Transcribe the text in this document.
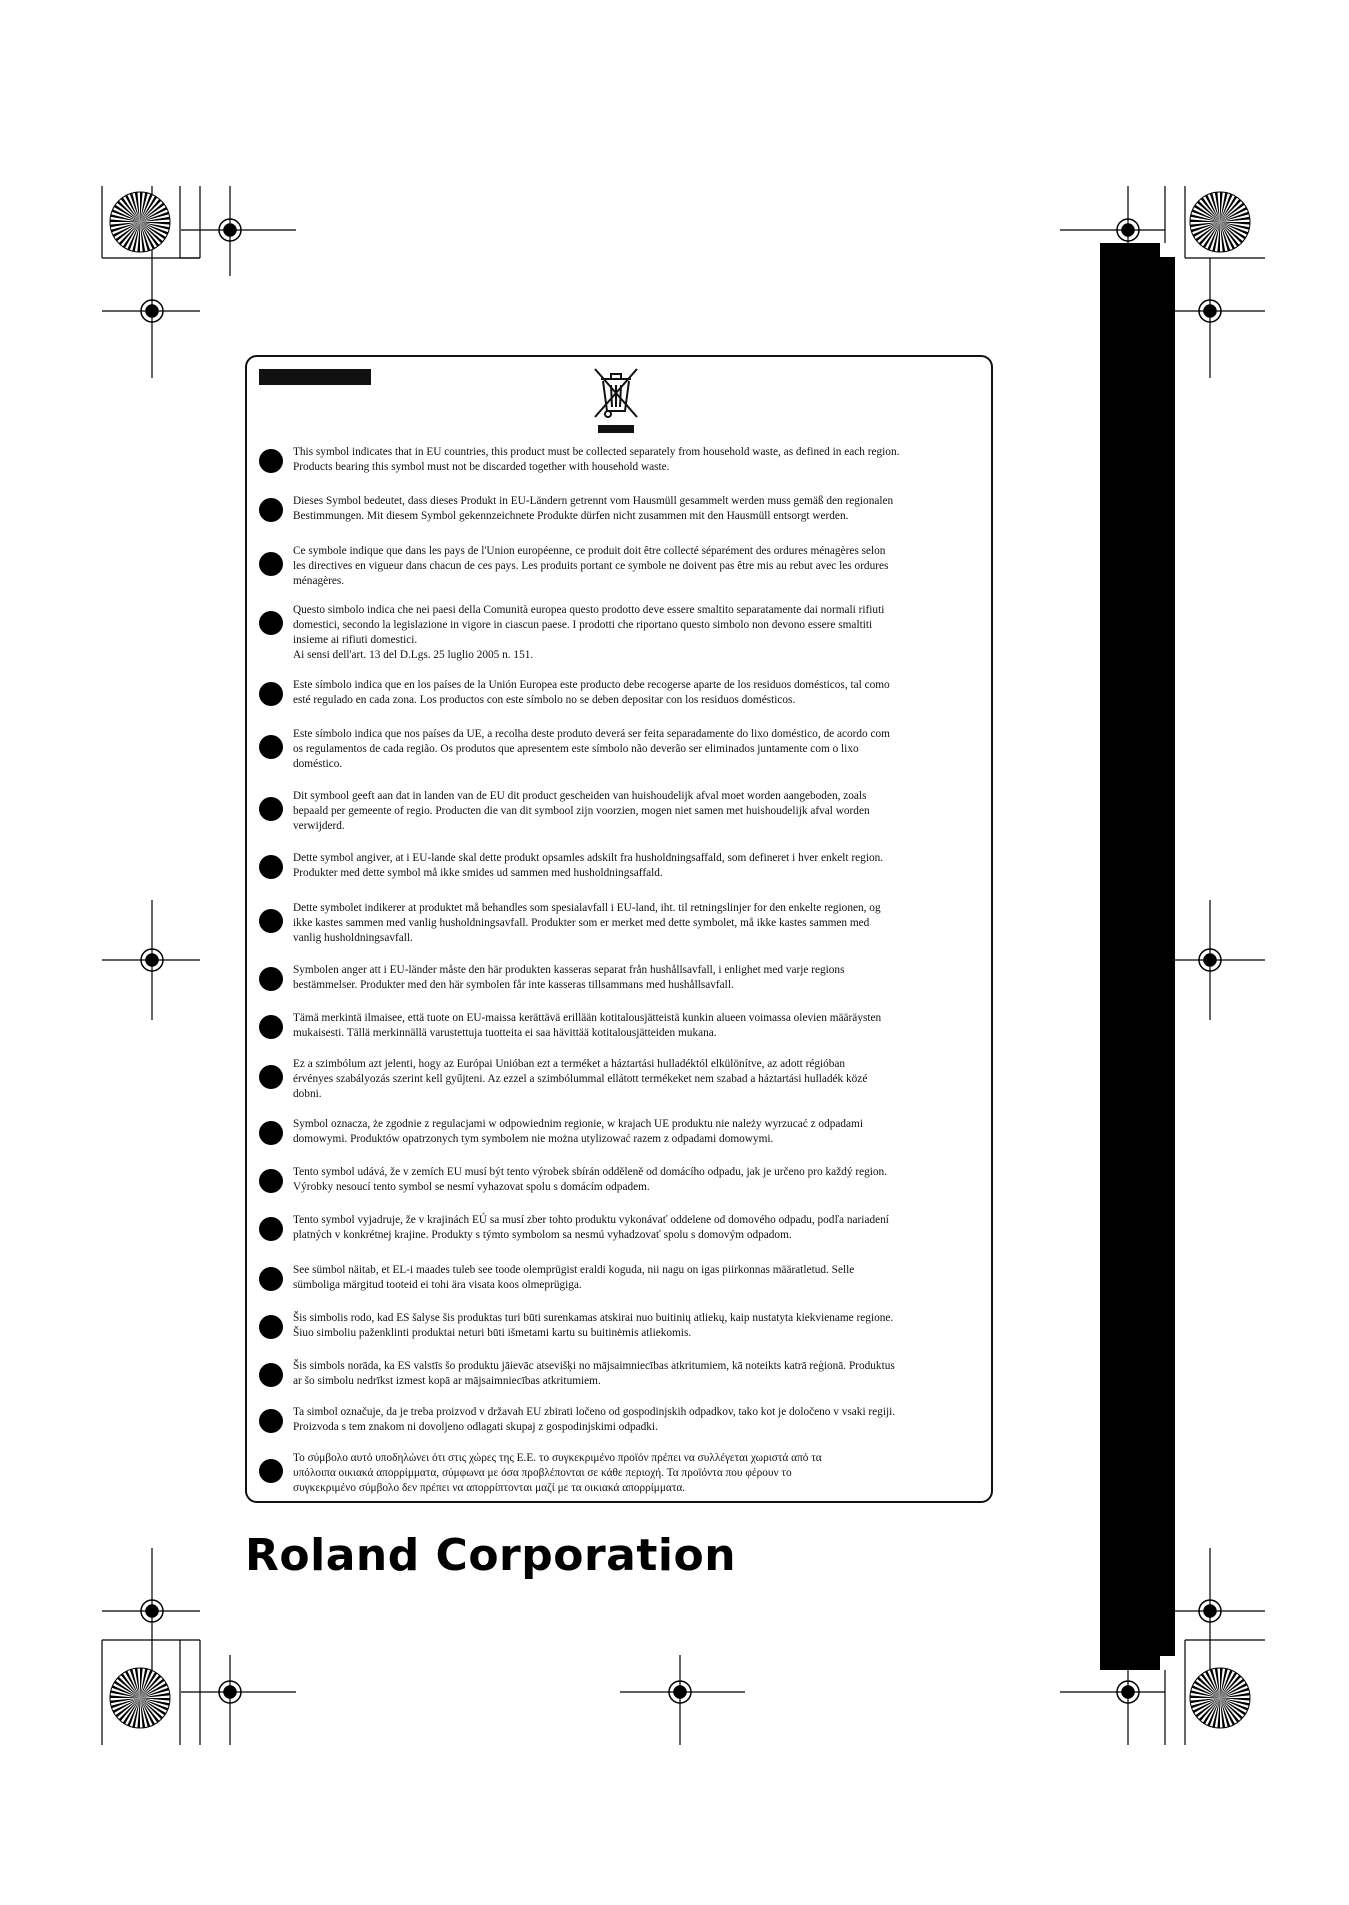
This symbol indicates that in EU countries, this product must be collected separately from household waste, as defined in each region.

Products bearing this symbol must not be discarded together with household waste.

Dieses Symbol bedeutet, dass dieses Produkt in EU-Ländern getrennt vom Hausmüll gesammelt werden muss gemäß den regionalen

Bestimmungen. Mit diesem Symbol gekennzeichnete Produkte dürfen nicht zusammen mit den Hausmüll entsorgt werden.

Ce symbole indique que dans les pays de l'Union européenne, ce produit doit être collecté séparément des ordures ménagères selon

les directives en vigueur dans chacun de ces pays. Les produits portant ce symbole ne doivent pas être mis au rebut avec les ordures

ménagères.

Questo simbolo indica che nei paesi della Comunità europea questo prodotto deve essere smaltito separatamente dai normali rifiuti

domestici, secondo la legislazione in vigore in ciascun paese. I prodotti che riportano questo simbolo non devono essere smaltiti

insieme ai rifiuti domestici.

Ai sensi dell'art. 13 del D.Lgs. 25 luglio 2005 n. 151.

Este símbolo indica que en los países de la Unión Europea este producto debe recogerse aparte de los residuos domésticos, tal como

esté regulado en cada zona. Los productos con este símbolo no se deben depositar con los residuos domésticos.

Este símbolo indica que nos países da UE, a recolha deste produto deverá ser feita separadamente do lixo doméstico, de acordo com

os regulamentos de cada região. Os produtos que apresentem este símbolo não deverão ser eliminados juntamente com o lixo

doméstico.

Dit symbool geeft aan dat in landen van de EU dit product gescheiden van huishoudelijk afval moet worden aangeboden, zoals

bepaald per gemeente of regio. Producten die van dit symbool zijn voorzien, mogen niet samen met huishoudelijk afval worden

verwijderd.

Dette symbol angiver, at i EU-lande skal dette produkt opsamles adskilt fra husholdningsaffald, som defineret i hver enkelt region.

Produkter med dette symbol må ikke smides ud sammen med husholdningsaffald.

Dette symbolet indikerer at produktet må behandles som spesialavfall i EU-land, iht. til retningslinjer for den enkelte regionen, og

ikke kastes sammen med vanlig husholdningsavfall. Produkter som er merket med dette symbolet, må ikke kastes sammen med

vanlig husholdningsavfall.

Symbolen anger att i EU-länder måste den här produkten kasseras separat från hushållsavfall, i enlighet med varje regions

bestämmelser. Produkter med den här symbolen får inte kasseras tillsammans med hushållsavfall.

Tämä merkintä ilmaisee, että tuote on EU-maissa kerättävä erillään kotitalousjätteistä kunkin alueen voimassa olevien määräysten

mukaisesti. Tällä merkinnällä varustettuja tuotteita ei saa hävittää kotitalousjätteiden mukana.

Ez a szimbólum azt jelenti, hogy az Európai Unióban ezt a terméket a háztartási hulladéktól elkülönítve, az adott régióban

érvényes szabályozás szerint kell gyűjteni. Az ezzel a szimbólummal ellátott termékeket nem szabad a háztartási hulladék közé

dobni.

Symbol oznacza, że zgodnie z regulacjami w odpowiednim regionie, w krajach UE produktu nie należy wyrzucać z odpadami

domowymi. Produktów opatrzonych tym symbolem nie można utylizować razem z odpadami domowymi.

Tento symbol udává, že v zemích EU musí být tento výrobek sbírán odděleně od domácího odpadu, jak je určeno pro každý region.

Výrobky nesoucí tento symbol se nesmí vyhazovat spolu s domácím odpadem.

Tento symbol vyjadruje, že v krajinách EÚ sa musí zber tohto produktu vykonávať oddelene od domového odpadu, podľa nariadení

platných v konkrétnej krajine. Produkty s týmto symbolom sa nesmú vyhadzovať spolu s domovým odpadom.

See sümbol näitab, et EL-i maades tuleb see toode olemprügist eraldi koguda, nii nagu on igas piirkonnas määratletud. Selle

sümboliga märgitud tooteid ei tohi ära visata koos olmeprügiga.

Šis simbolis rodo, kad ES šalyse šis produktas turi būti surenkamas atskirai nuo buitinių atliekų, kaip nustatyta kiekviename regione.

Šiuo simboliu paženklinti produktai neturi būti išmetami kartu su buitinėmis atliekomis.

Šis simbols norāda, ka ES valstīs šo produktu jāievāc atsevišķi no mājsaimniecības atkritumiem, kā noteikts katrā reģionā. Produktus

ar šo simbolu nedrīkst izmest kopā ar mājsaimniecības atkritumiem.

Ta simbol označuje, da je treba proizvod v državah EU zbirati ločeno od gospodinjskih odpadkov, tako kot je določeno v vsaki regiji.

Proizvoda s tem znakom ni dovoljeno odlagati skupaj z gospodinjskimi odpadki.

Το σύμβολο αυτό υποδηλώνει ότι στις χώρες της Ε.Ε. το συγκεκριμένο προϊόν πρέπει να συλλέγεται χωριστά από τα

υπόλοιπα οικιακά απορρίμματα, σύμφωνα με όσα προβλέπονται σε κάθε περιοχή. Τα προϊόντα που φέρουν το

συγκεκριμένο σύμβολο δεν πρέπει να απορρίπτονται μαζί με τα οικιακά απορρίμματα.

Roland Corporation
